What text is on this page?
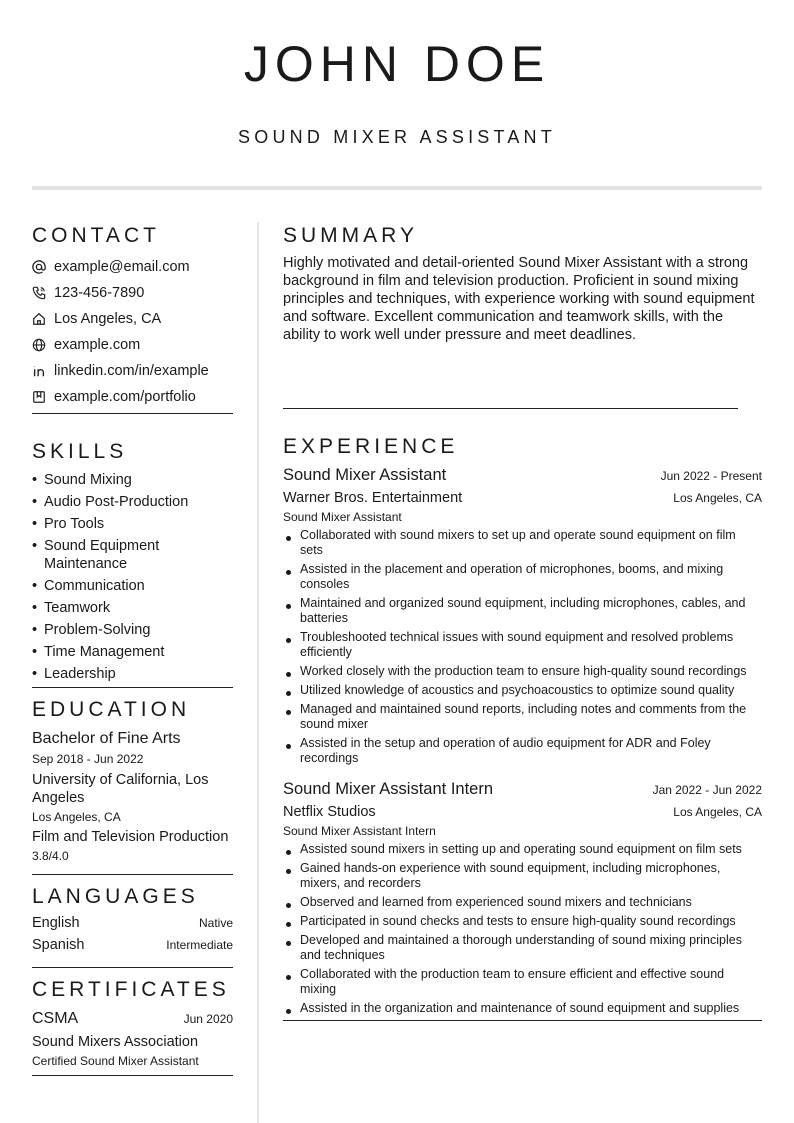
JOHN DOE
SOUND MIXER ASSISTANT
CONTACT
example@email.com
123-456-7890
Los Angeles, CA
example.com
linkedin.com/in/example
example.com/portfolio
SKILLS
• Sound Mixing
• Audio Post-Production
• Pro Tools
• Sound Equipment Maintenance
• Communication
• Teamwork
• Problem-Solving
• Time Management
• Leadership
EDUCATION
Bachelor of Fine Arts
Sep 2018 - Jun 2022
University of California, Los Angeles
Los Angeles, CA
Film and Television Production
3.8/4.0
LANGUAGES
English	Native
Spanish	Intermediate
CERTIFICATES
CSMA	Jun 2020
Sound Mixers Association
Certified Sound Mixer Assistant
SUMMARY
Highly motivated and detail-oriented Sound Mixer Assistant with a strong background in film and television production. Proficient in sound mixing principles and techniques, with experience working with sound equipment and software. Excellent communication and teamwork skills, with the ability to work well under pressure and meet deadlines.
EXPERIENCE
Sound Mixer Assistant	Jun 2022 - Present
Warner Bros. Entertainment	Los Angeles, CA
Sound Mixer Assistant
Collaborated with sound mixers to set up and operate sound equipment on film sets
Assisted in the placement and operation of microphones, booms, and mixing consoles
Maintained and organized sound equipment, including microphones, cables, and batteries
Troubleshooted technical issues with sound equipment and resolved problems efficiently
Worked closely with the production team to ensure high-quality sound recordings
Utilized knowledge of acoustics and psychoacoustics to optimize sound quality
Managed and maintained sound reports, including notes and comments from the sound mixer
Assisted in the setup and operation of audio equipment for ADR and Foley recordings
Sound Mixer Assistant Intern	Jan 2022 - Jun 2022
Netflix Studios	Los Angeles, CA
Sound Mixer Assistant Intern
Assisted sound mixers in setting up and operating sound equipment on film sets
Gained hands-on experience with sound equipment, including microphones, mixers, and recorders
Observed and learned from experienced sound mixers and technicians
Participated in sound checks and tests to ensure high-quality sound recordings
Developed and maintained a thorough understanding of sound mixing principles and techniques
Collaborated with the production team to ensure efficient and effective sound mixing
Assisted in the organization and maintenance of sound equipment and supplies
